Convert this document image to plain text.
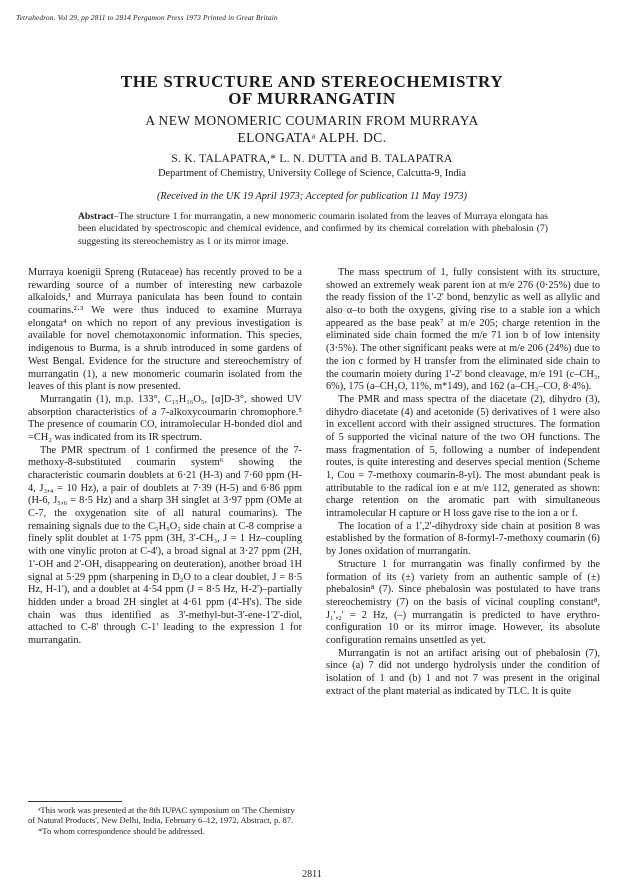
Tetrahedron. Vol 29, pp 2811 to 2814 Pergamon Press 1973 Printed in Great Britain
THE STRUCTURE AND STEREOCHEMISTRY
OF MURRANGATIN
A NEW MONOMERIC COUMARIN FROM MURRAYA
ELONGATAᵃ ALPH. DC.
S. K. TALAPATRA,* L. N. DUTTA and B. TALAPATRA
Department of Chemistry, University College of Science, Calcutta-9, India
(Received in the UK 19 April 1973; Accepted for publication 11 May 1973)
Abstract–The structure 1 for murrangatin, a new monomeric coumarin isolated from the leaves of Murraya elongata has been elucidated by spectroscopic and chemical evidence, and confirmed by its chemical correlation with phebalosin (7) suggesting its stereochemistry as 1 or its mirror image.

Murraya koenigii Spreng (Rutaceae) has recently proved to be a rewarding source of a number of interesting new carbazole alkaloids,¹ and Murraya paniculata has been found to contain coumarins.²·³ We were thus induced to examine Murraya elongata⁴ on which no report of any previous investigation is available for novel chemotaxonomic information. This species, indigenous to Burma, is a shrub introduced in some gardens of West Bengal. Evidence for the structure and stereochemistry of murrangatin (1), a new monomeric coumarin isolated from the leaves of this plant is now presented.

Murrangatin (1), m.p. 133°, C₁₅H₁₆O₅, [α]D-3°, showed UV absorption characteristics of a 7-alkoxycoumarin chromophore.⁵ The presence of coumarin CO, intramolecular H-bonded diol and =CH₂ was indicated from its IR spectrum.

The PMR spectrum of 1 confirmed the presence of the 7-methoxy-8-substituted coumarin system⁶ showing the characteristic coumarin doublets at 6·21 (H-3) and 7·60 ppm (H-4, J₃,₄ = 10 Hz), a pair of doublets at 7·39 (H-5) and 6·86 ppm (H-6, J₅,₆ = 8·5 Hz) and a sharp 3H singlet at 3·97 ppm (OMe at C-7, the oxygenation site of all natural coumarins). The remaining signals due to the C₅H₉O₂ side chain at C-8 comprise a finely split doublet at 1·75 ppm (3H, 3'-CH₃, J = 1 Hz–coupling with one vinylic proton at C-4'), a broad signal at 3·27 ppm (2H, 1'-OH and 2'-OH, disappearing on deuteration), another broad 1H signal at 5·29 ppm (sharpening in D₂O to a clear doublet, J = 8·5 Hz, H-1'), and a doublet at 4·54 ppm (J = 8·5 Hz, H-2')–partially hidden under a broad 2H singlet at 4·61 ppm (4'-H's). The side chain was thus identified as 3'-methyl-but-3'-ene-1'2'-diol, attached to C-8' through C-1' leading to the expression 1 for murrangatin.

The mass spectrum of 1, fully consistent with its structure, showed an extremely weak parent ion at m/e 276 (0·25%) due to the ready fission of the 1'-2' bond, benzylic as well as allylic and also α–to both the oxygens, giving rise to a stable ion a which appeared as the base peak⁷ at m/e 205; charge retention in the eliminated side chain formed the m/e 71 ion b of low intensity (3·5%). The other significant peaks were at m/e 206 (24%) due to the ion c formed by H transfer from the eliminated side chain to the coumarin moiety during 1'-2' bond cleavage, m/e 191 (c–CH₃, 6%), 175 (a–CH₂O, 11%, m*149), and 162 (a–CH₃–CO, 8·4%).

The PMR and mass spectra of the diacetate (2), dihydro (3), dihydro diacetate (4) and acetonide (5) derivatives of 1 were also in excellent accord with their assigned structures. The formation of 5 supported the vicinal nature of the two OH functions. The mass fragmentation of 5, following a number of independent routes, is quite interesting and deserves special mention (Scheme 1, Cou = 7-methoxy coumarin-8-yl). The most abundant peak is attributable to the radical ion e at m/e 112, generated as shown: charge retention on the aromatic part with simultaneous intramolecular H capture or H loss gave rise to the ion a or f.

The location of a 1',2'-dihydroxy side chain at position 8 was established by the formation of 8-formyl-7-methoxy coumarin (6) by Jones oxidation of murrangatin.

Structure 1 for murrangatin was finally confirmed by the formation of its (±) variety from an authentic sample of (±) phebalosin⁸ (7). Since phebalosin was postulated to have trans stereochemistry (7) on the basis of vicinal coupling constant⁸, J₁',₂' = 2 Hz, (–) murrangatin is predicted to have erythro-configuration 10 or its mirror image. However, its absolute configuration remains unsettled as yet.

Murrangatin is not an artifact arising out of phebalosin (7), since (a) 7 did not undergo hydrolysis under the condition of isolation of 1 and (b) 1 and not 7 was present in the original extract of the plant material as indicated by TLC. It is quite

ᵃThis work was presented at the 8th IUPAC symposium on 'The Chemistry of Natural Products', New Delhi, India, February 6–12, 1972, Abstract, p. 87.

*To whom correspondence should be addressed.

2811
